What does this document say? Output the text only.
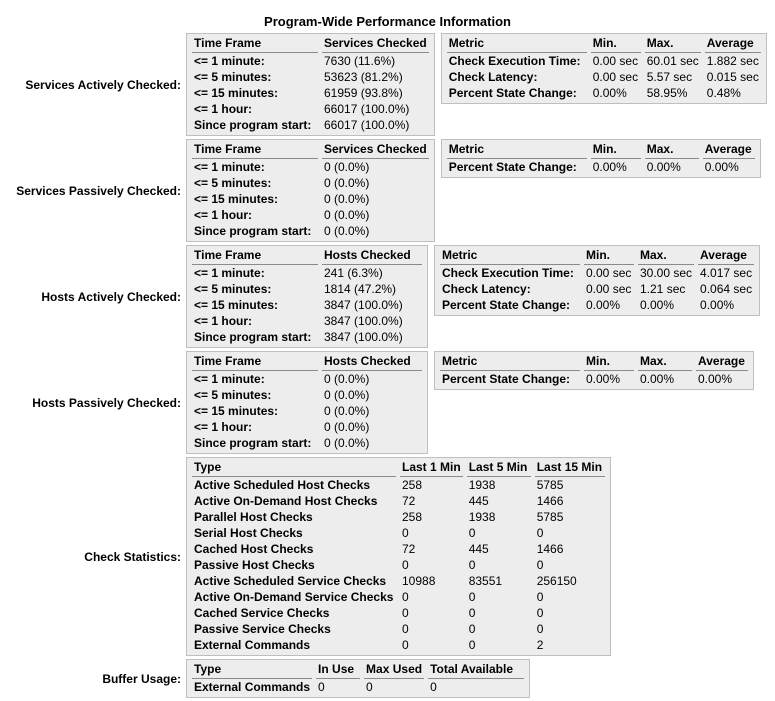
Program-Wide Performance Information
Services Actively Checked:
Time Frame	Services Checked
<= 1 minute:	7630 (11.6%)
<= 5 minutes:	53623 (81.2%)
<= 15 minutes:	61959 (93.8%)
<= 1 hour:	66017 (100.0%)
Since program start:	66017 (100.0%)
Metric	Min.	Max.	Average
Check Execution Time:	0.00 sec	60.01 sec	1.882 sec
Check Latency:	0.00 sec	5.57 sec	0.015 sec
Percent State Change:	0.00%	58.95%	0.48%
Services Passively Checked:
Time Frame	Services Checked
<= 1 minute:	0 (0.0%)
<= 5 minutes:	0 (0.0%)
<= 15 minutes:	0 (0.0%)
<= 1 hour:	0 (0.0%)
Since program start:	0 (0.0%)
Metric	Min.	Max.	Average
Percent State Change:	0.00%	0.00%	0.00%
Hosts Actively Checked:
Time Frame	Hosts Checked
<= 1 minute:	241 (6.3%)
<= 5 minutes:	1814 (47.2%)
<= 15 minutes:	3847 (100.0%)
<= 1 hour:	3847 (100.0%)
Since program start:	3847 (100.0%)
Metric	Min.	Max.	Average
Check Execution Time:	0.00 sec	30.00 sec	4.017 sec
Check Latency:	0.00 sec	1.21 sec	0.064 sec
Percent State Change:	0.00%	0.00%	0.00%
Hosts Passively Checked:
Time Frame	Hosts Checked
<= 1 minute:	0 (0.0%)
<= 5 minutes:	0 (0.0%)
<= 15 minutes:	0 (0.0%)
<= 1 hour:	0 (0.0%)
Since program start:	0 (0.0%)
Metric	Min.	Max.	Average
Percent State Change:	0.00%	0.00%	0.00%
Check Statistics:
Type	Last 1 Min	Last 5 Min	Last 15 Min
Active Scheduled Host Checks	258	1938	5785
Active On-Demand Host Checks	72	445	1466
Parallel Host Checks	258	1938	5785
Serial Host Checks	0	0	0
Cached Host Checks	72	445	1466
Passive Host Checks	0	0	0
Active Scheduled Service Checks	10988	83551	256150
Active On-Demand Service Checks	0	0	0
Cached Service Checks	0	0	0
Passive Service Checks	0	0	0
External Commands	0	0	2
Buffer Usage:
Type	In Use	Max Used	Total Available
External Commands	0	0	0
